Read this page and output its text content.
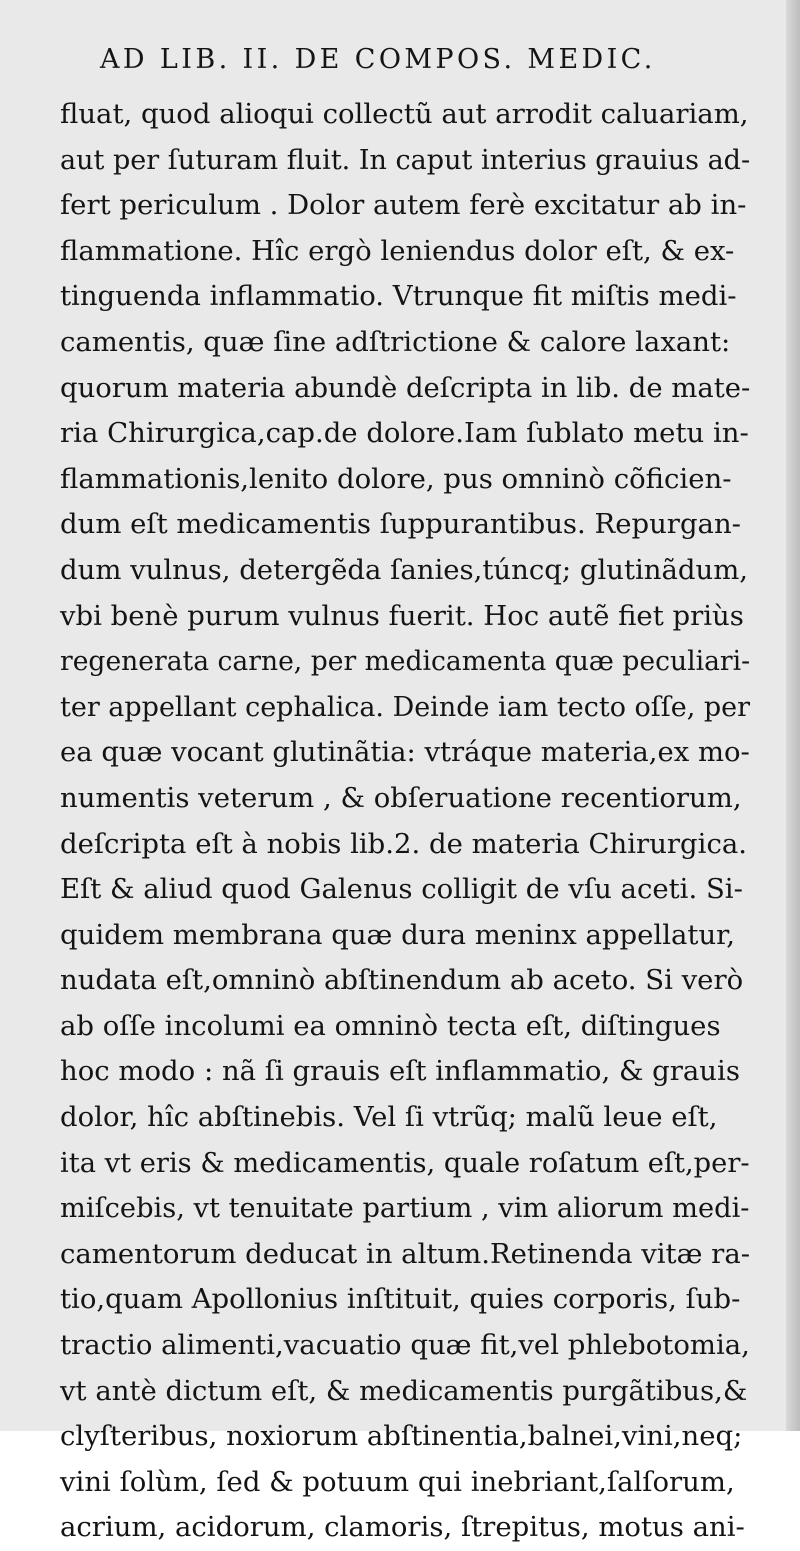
AD LIB. II. DE COMPOS. MEDIC.
fluat, quod alioqui collectũ aut arrodit caluariam,
aut per ſuturam fluit. In caput interius grauius ad-
fert periculum . Dolor autem ferè excitatur ab in-
flammatione. Hîc ergò leniendus dolor eſt, & ex-
tinguenda inflammatio. Vtrunque fit miſtis medi-
camentis, quæ ſine adſtrictione & calore laxant:
quorum materia abundè deſcripta in lib. de mate-
ria Chirurgica,cap.de dolore.Iam ſublato metu in-
flammationis,lenito dolore, pus omninò cõficien-
dum eſt medicamentis ſuppurantibus. Repurgan-
dum vulnus, detergẽda ſanies,túncq; glutinãdum,
vbi benè purum vulnus fuerit. Hoc autẽ fiet priùs
regenerata carne, per medicamenta quæ peculiari-
ter appellant cephalica. Deinde iam tecto oſſe, per
ea quæ vocant glutinãtia: vtráque materia,ex mo-
numentis veterum , & obſeruatione recentiorum,
deſcripta eſt à nobis lib.2. de materia Chirurgica.
Eſt & aliud quod Galenus colligit de vſu aceti. Si-
quidem membrana quæ dura meninx appellatur,
nudata eſt,omninò abſtinendum ab aceto. Si verò
ab oſſe incolumi ea omninò tecta eſt, diſtingues
hoc modo : nã ſi grauis eſt inflammatio, & grauis
dolor, hîc abſtinebis. Vel ſi vtrũq; malũ leue eſt,
ita vt eris & medicamentis, quale roſatum eſt,per-
miſcebis, vt tenuitate partium , vim aliorum medi-
camentorum deducat in altum.Retinenda vitæ ra-
tio,quam Apollonius inſtituit, quies corporis, ſub-
tractio alimenti,vacuatio quæ fit,vel phlebotomia,
vt antè dictum eſt, & medicamentis purgãtibus,&
clyſteribus, noxiorum abſtinentia,balnei,vini,neq;
vini ſolùm, ſed & potuum qui inebriant,ſalſorum,
acrium, acidorum, clamoris, ſtrepitus, motus ani-
